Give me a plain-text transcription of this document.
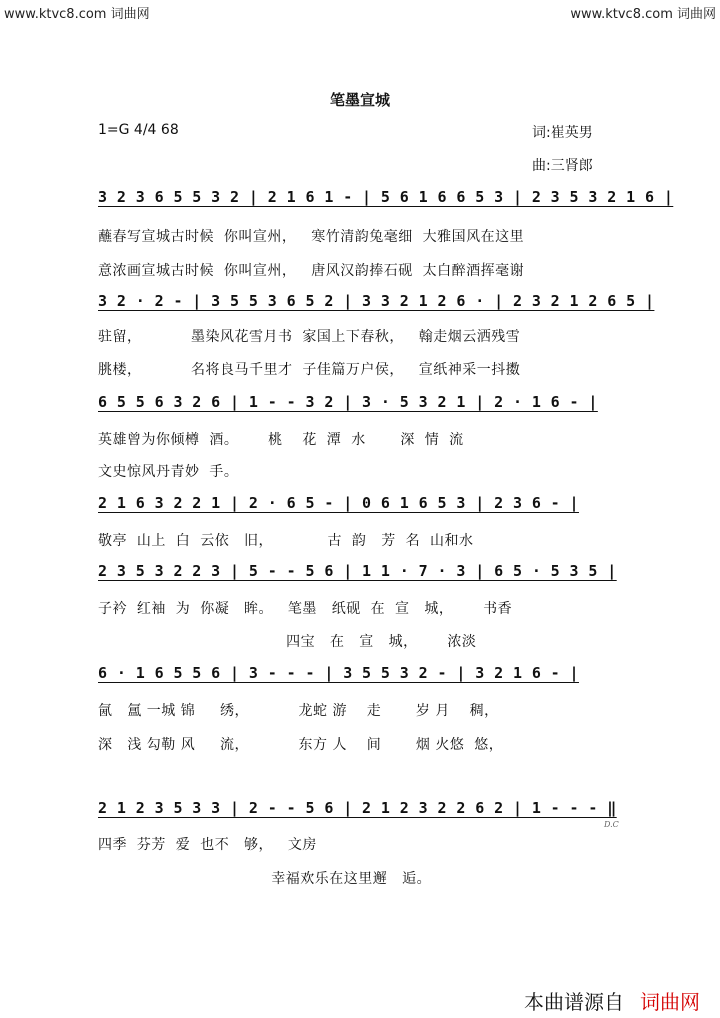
www.ktvc8.com 词曲网	www.ktvc8.com 词曲网
笔墨宣城
1=G 4/4 68	词:崔英男
曲:三肾郎
3 2 3 6 5 5 3 2 | 2 1 6 1 - | 5 6 1 6 6 5 3 | 2 3 5 3 2 1 6 |
蘸春写宣城古时候  你叫宣州，   寒竹清韵兔毫细  大雅国风在这里
意浓画宣城古时候  你叫宣州，   唐风汉韵捧石砚  太白醉酒挥毫谢
3 2 · 2 - | 3 5 5 3 6 5 2 | 3 3 2 1 2 6 · | 2 3 2 1 2 6 5 |
驻留，          墨染风花雪月书  家国上下春秋，   翰走烟云洒残雪
朓楼，          名将良马千里才  子佳篇万户侯，   宣纸神采一抖擞
6 5 5 6 3 2 6 | 1 - - 3 2 | 3 · 5 3 2 1 | 2 · 1 6 - |
英雄曾为你倾樽  酒。      桃    花  潭  水       深  情  流
文史惊风丹青妙  手。
2 1 6 3 2 2 1 | 2 · 6 5 - | 0 6 1 6 5 3 | 2 3 6 - |
敬亭  山上  白  云依   旧，           古  韵   芳  名  山和水
2 3 5 3 2 2 3 | 5 - - 5 6 | 1 1 · 7 · 3 | 6 5 · 5 3 5 |
子衿  红袖  为  你凝   眸。   笔墨   纸砚  在  宣   城，      书香
四宝   在   宣   城，      浓淡
6 · 1 6 5 5 6 | 3 - - - | 3 5 5 3 2 - | 3 2 1 6 - |
氤   氲 一城 锦     绣，          龙蛇 游    走       岁 月    稠，
深   浅 勾勒 风     流，          东方 人    间       烟 火悠  悠，
2 1 2 3 5 3 3 | 2 - - 5 6 | 2 1 2 3 2 2 6 2 | 1 - - - ‖
四季  芬芳  爱  也不   够，   文房
幸福欢乐在这里邂   逅。
D.C
本曲谱源自 词曲网
